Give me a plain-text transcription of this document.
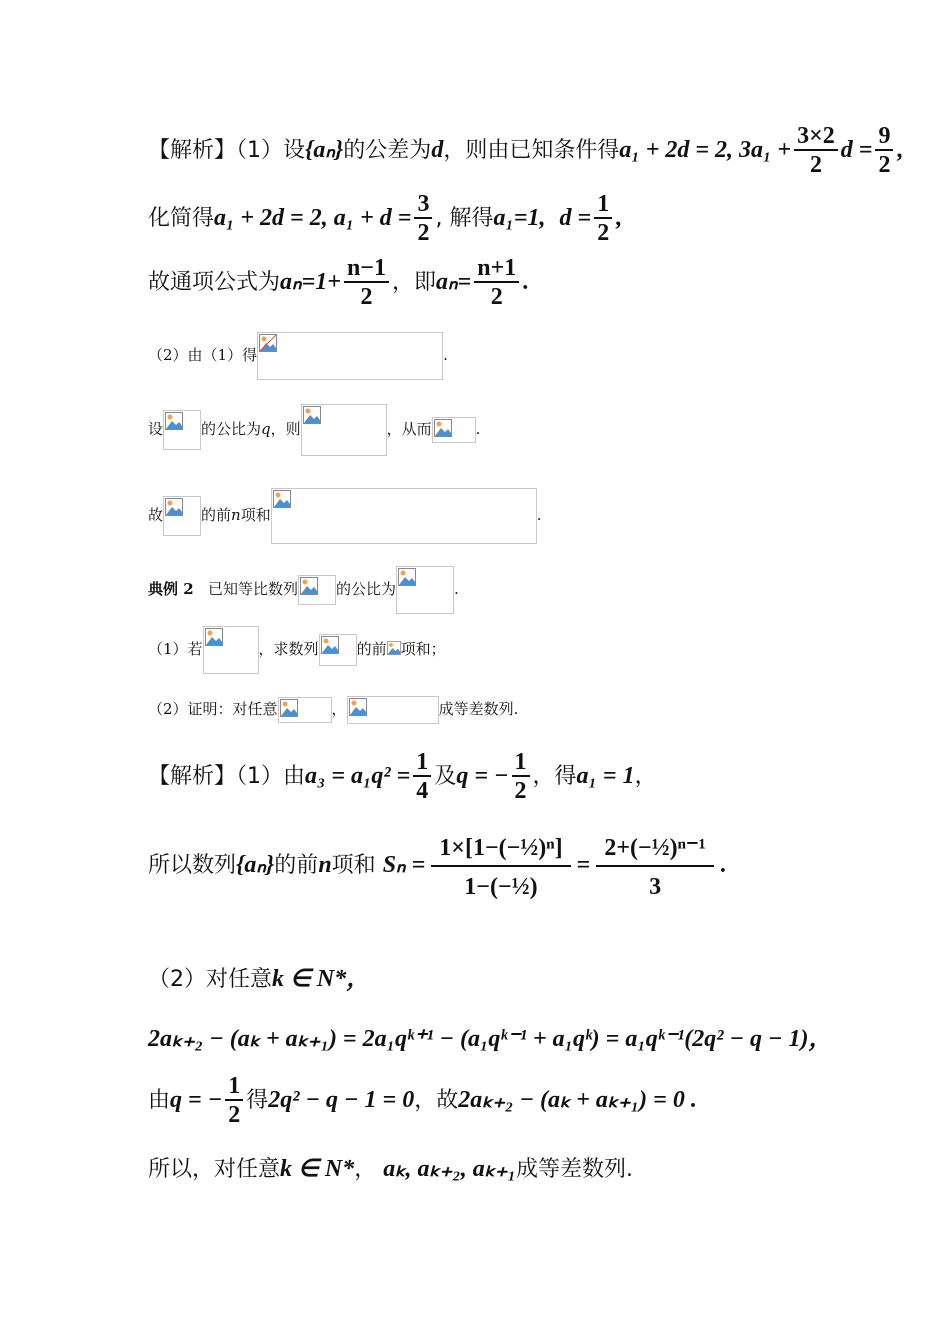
【解析】（1）设{aₙ}的公差为d，则由已知条件得a₁ + 2d = 2, $3a_1 + \frac{3\times 2}{2}$ $d = \frac{9}{2}$ ,
化简得a₁ + 2d = 2, $a_1 + d = \frac{3}{2}$ , 解得a₁=1, $d = \frac{1}{2}$ ,
故通项公式为$a_n=1+ \frac{n-1}{2}$ ，即$a_n= \frac{n+1}{2}$ .
（2）由（1）得	.
设	的公比为q，则	，从而	.
故	的前n项和	.
典例 2 已知等比数列	的公比为	.
（1）若	，求数列	的前 项和；
（2）证明：对任意	，	成等差数列.
【解析】（1）由$a_3 = a_1q^2 = \frac{1}{4}$ 及q = − $\frac{1}{2}$ ，得a₁ = 1，
所以数列{aₙ}的前n项和 $S_n = \frac{\text{1×[1−(−½)ⁿ]}}{\text{1−(−½)}} = \frac{\text{2+(−½)ⁿ⁻¹}}{3}$ .
（2）对任意k ∈ N*，
2aₖ₊₂ − (aₖ + aₖ₊₁) = 2a₁qᵏ⁺¹ − (a₁qᵏ⁻¹ + a₁qᵏ) = a₁qᵏ⁻¹(2q² − q − 1)，
由q = − $\frac{1}{2}$ 得2q² − q − 1 = 0，故2aₖ₊₂ − (aₖ + aₖ₊₁) = 0 .
所以，对任意k ∈ N*， aₖ, aₖ₊₂, aₖ₊₁成等差数列.
